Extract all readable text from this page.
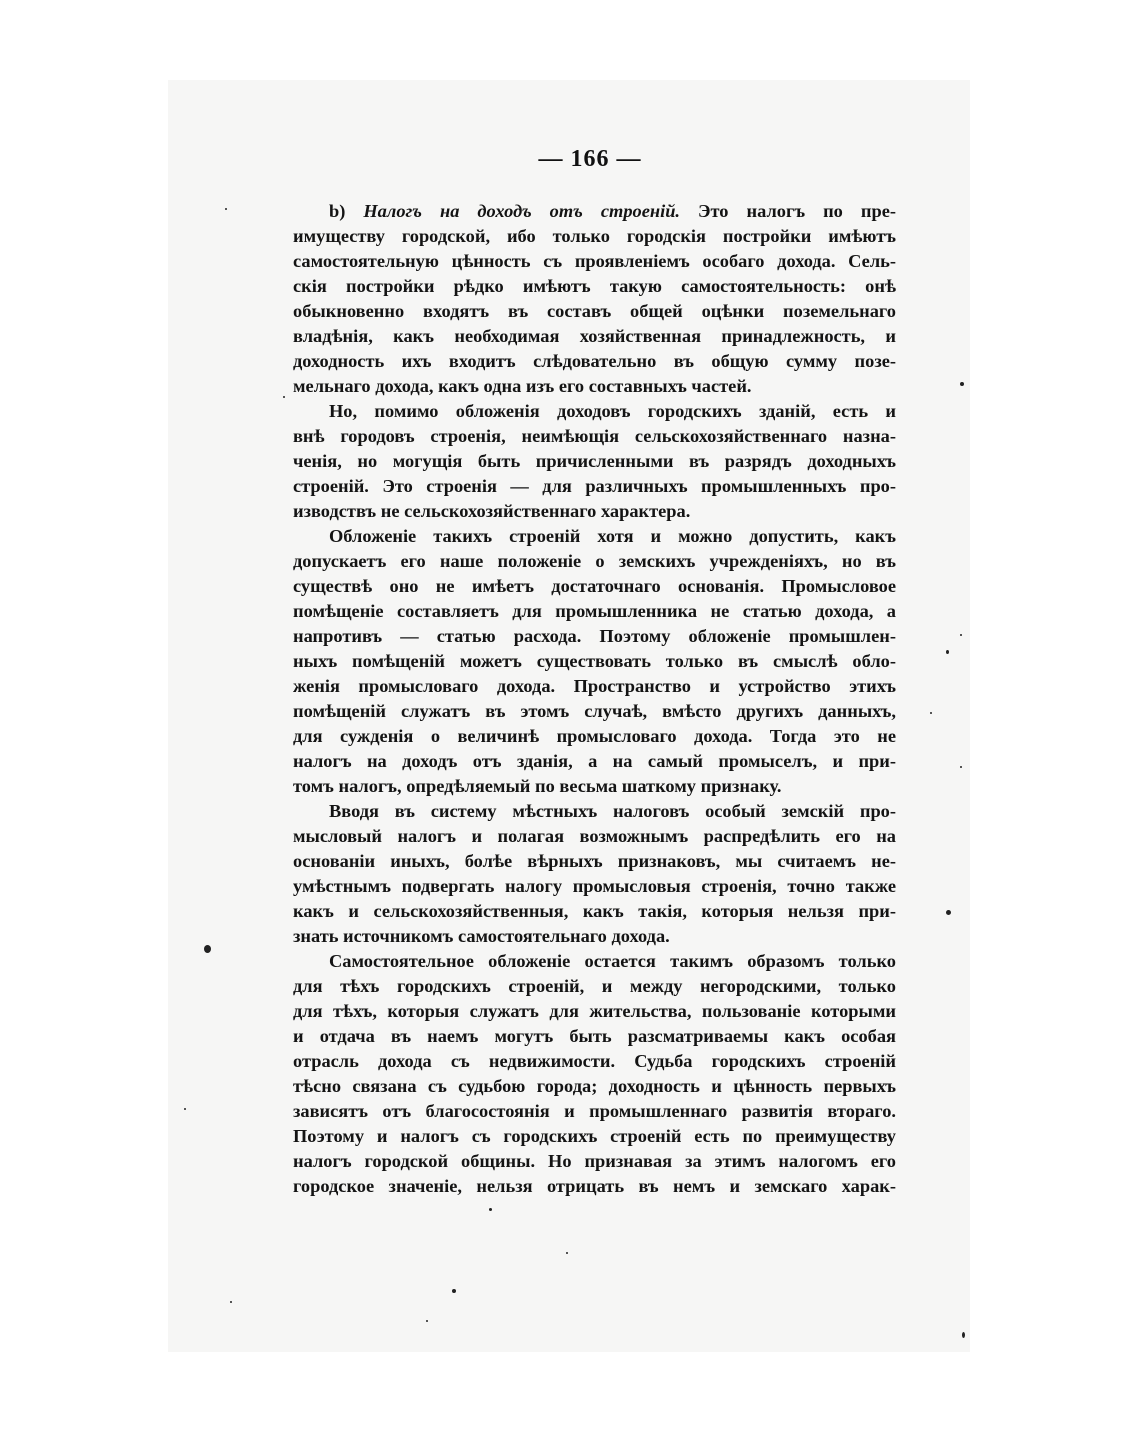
— 166 —
b) Налогъ на доходъ отъ строеній. Это налогъ по пре-
имуществу городской, ибо только городскія постройки имѣютъ
самостоятельную цѣнность съ проявленіемъ особаго дохода. Сель-
скія постройки рѣдко имѣютъ такую самостоятельность: онѣ
обыкновенно входятъ въ составъ общей оцѣнки поземельнаго
владѣнія, какъ необходимая хозяйственная принадлежность, и
доходность ихъ входитъ слѣдовательно въ общую сумму позе-
мельнаго дохода, какъ одна изъ его составныхъ частей.
Но, помимо обложенія доходовъ городскихъ зданій, есть и
внѣ городовъ строенія, неимѣющія сельскохозяйственнаго назна-
ченія, но могущія быть причисленными въ разрядъ доходныхъ
строеній. Это строенія — для различныхъ промышленныхъ про-
изводствъ не сельскохозяйственнаго характера.
Обложеніе такихъ строеній хотя и можно допустить, какъ
допускаетъ его наше положеніе о земскихъ учрежденіяхъ, но въ
существѣ оно не имѣетъ достаточнаго основанія. Промысловое
помѣщеніе составляетъ для промышленника не статью дохода, а
напротивъ — статью расхода. Поэтому обложеніе промышлен-
ныхъ помѣщеній можетъ существовать только въ смыслѣ обло-
женія промысловаго дохода. Пространство и устройство этихъ
помѣщеній служатъ въ этомъ случаѣ, вмѣсто другихъ данныхъ,
для сужденія о величинѣ промысловаго дохода. Тогда это не
налогъ на доходъ отъ зданія, а на самый промыселъ, и при-
томъ налогъ, опредѣляемый по весьма шаткому признаку.
Вводя въ систему мѣстныхъ налоговъ особый земскій про-
мысловый налогъ и полагая возможнымъ распредѣлить его на
основаніи иныхъ, болѣе вѣрныхъ признаковъ, мы считаемъ не-
умѣстнымъ подвергать налогу промысловыя строенія, точно также
какъ и сельскохозяйственныя, какъ такія, которыя нельзя при-
знать источникомъ самостоятельнаго дохода.
Самостоятельное обложеніе остается такимъ образомъ только
для тѣхъ городскихъ строеній, и между негородскими, только
для тѣхъ, которыя служатъ для жительства, пользованіе которыми
и отдача въ наемъ могутъ быть разсматриваемы какъ особая
отрасль дохода съ недвижимости. Судьба городскихъ строеній
тѣсно связана съ судьбою города; доходность и цѣнность первыхъ
зависятъ отъ благосостоянія и промышленнаго развитія втораго.
Поэтому и налогъ съ городскихъ строеній есть по преимуществу
налогъ городской общины. Но признавая за этимъ налогомъ его
городское значеніе, нельзя отрицать въ немъ и земскаго харак-
